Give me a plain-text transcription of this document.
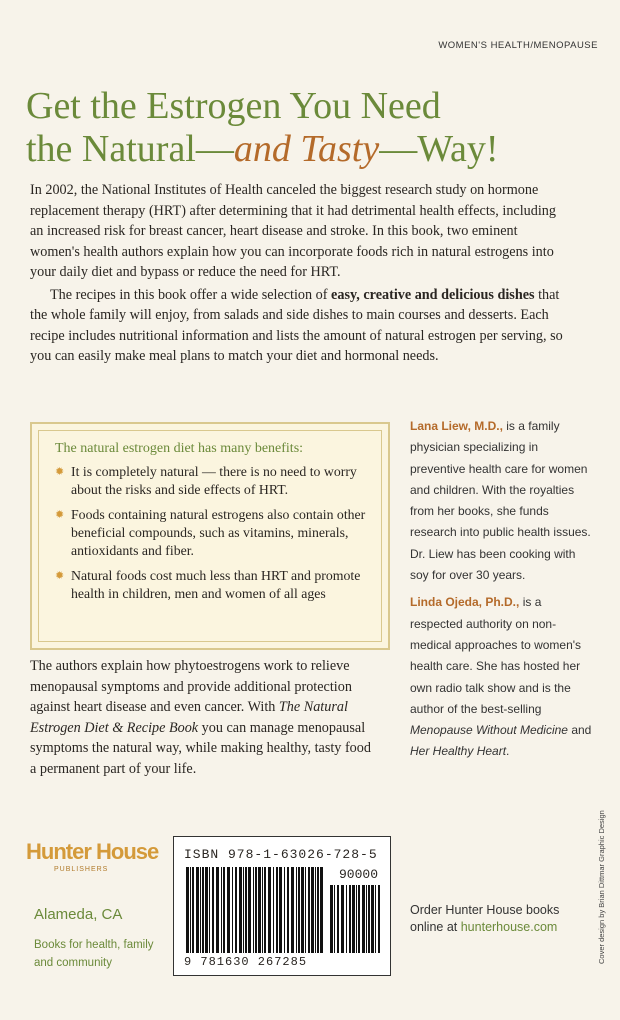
WOMEN'S HEALTH/MENOPAUSE
Get the Estrogen You Need
the Natural—and Tasty—Way!

In 2002, the National Institutes of Health canceled the biggest research study on hormone replacement therapy (HRT) after determining that it had detrimental health effects, including an increased risk for breast cancer, heart disease and stroke. In this book, two eminent women's health authors explain how you can incorporate foods rich in natural estrogens into your daily diet and bypass or reduce the need for HRT.

The recipes in this book offer a wide selection of easy, creative and delicious dishes that the whole family will enjoy, from salads and side dishes to main courses and desserts. Each recipe includes nutritional information and lists the amount of natural estrogen per serving, so you can easily make meal plans to match your diet and hormonal needs.

The natural estrogen diet has many benefits:
✹ It is completely natural — there is no need to worry about the risks and side effects of HRT.
✹ Foods containing natural estrogens also contain other beneficial compounds, such as vitamins, minerals, antioxidants and fiber.
✹ Natural foods cost much less than HRT and promote health in children, men and women of all ages

The authors explain how phytoestrogens work to relieve menopausal symptoms and provide additional protection against heart disease and even cancer. With The Natural Estrogen Diet & Recipe Book you can manage menopausal symptoms the natural way, while making healthy, tasty food a permanent part of your life.

Lana Liew, M.D., is a family physician specializing in preventive health care for women and children. With the royalties from her books, she funds research into public health issues. Dr. Liew has been cooking with soy for over 30 years.

Linda Ojeda, Ph.D., is a respected authority on non-medical approaches to women's health care. She has hosted her own radio talk show and is the author of the best-selling Menopause Without Medicine and Her Healthy Heart.

Hunter House
PUBLISHERS
Alameda, CA
Books for health, family and community
ISBN 978-1-63026-728-5
90000
9 781630 267285
Order Hunter House books
online at hunterhouse.com	Cover design by Brian Dittmar Graphic Design
